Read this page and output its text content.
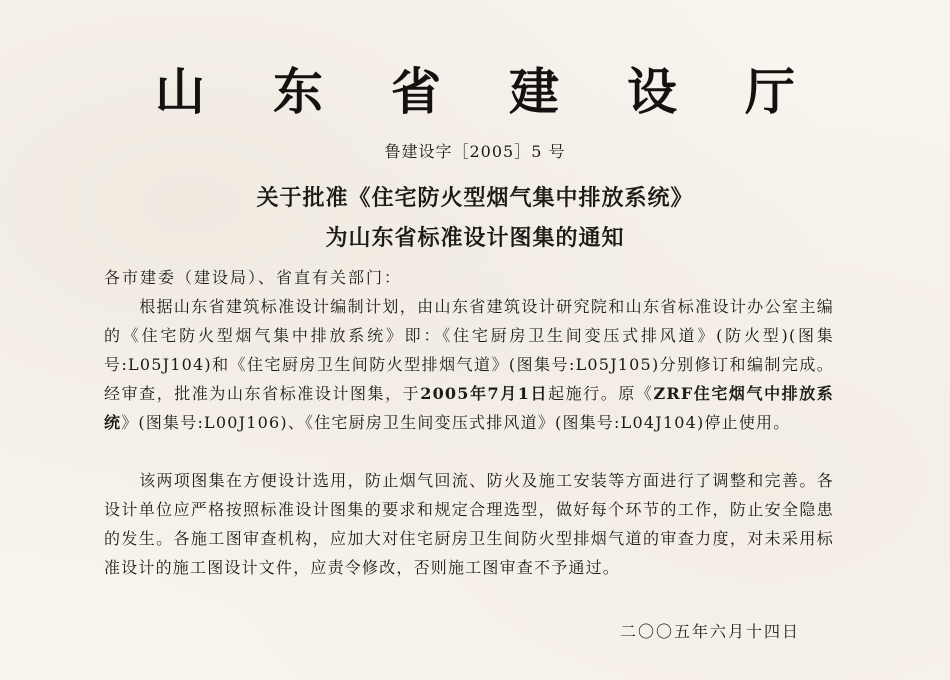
山东省建设厅
鲁建设字［2005］5 号
关于批准《住宅防火型烟气集中排放系统》
为山东省标准设计图集的通知
各市建委（建设局）、省直有关部门：
根据山东省建筑标准设计编制计划，由山东省建筑设计研究院和山东省标准设计办公室主编的《住宅防火型烟气集中排放系统》即：《住宅厨房卫生间变压式排风道》(防火型)(图集号:L05J104)和《住宅厨房卫生间防火型排烟气道》(图集号:L05J105)分别修订和编制完成。经审查，批准为山东省标准设计图集，于2005年7月1日起施行。原《ZRF住宅烟气中排放系统》(图集号:L00J106)、《住宅厨房卫生间变压式排风道》(图集号:L04J104)停止使用。
该两项图集在方便设计选用，防止烟气回流、防火及施工安装等方面进行了调整和完善。各设计单位应严格按照标准设计图集的要求和规定合理选型，做好每个环节的工作，防止安全隐患的发生。各施工图审查机构，应加大对住宅厨房卫生间防火型排烟气道的审查力度，对未采用标准设计的施工图设计文件，应责令修改，否则施工图审查不予通过。
二〇〇五年六月十四日
